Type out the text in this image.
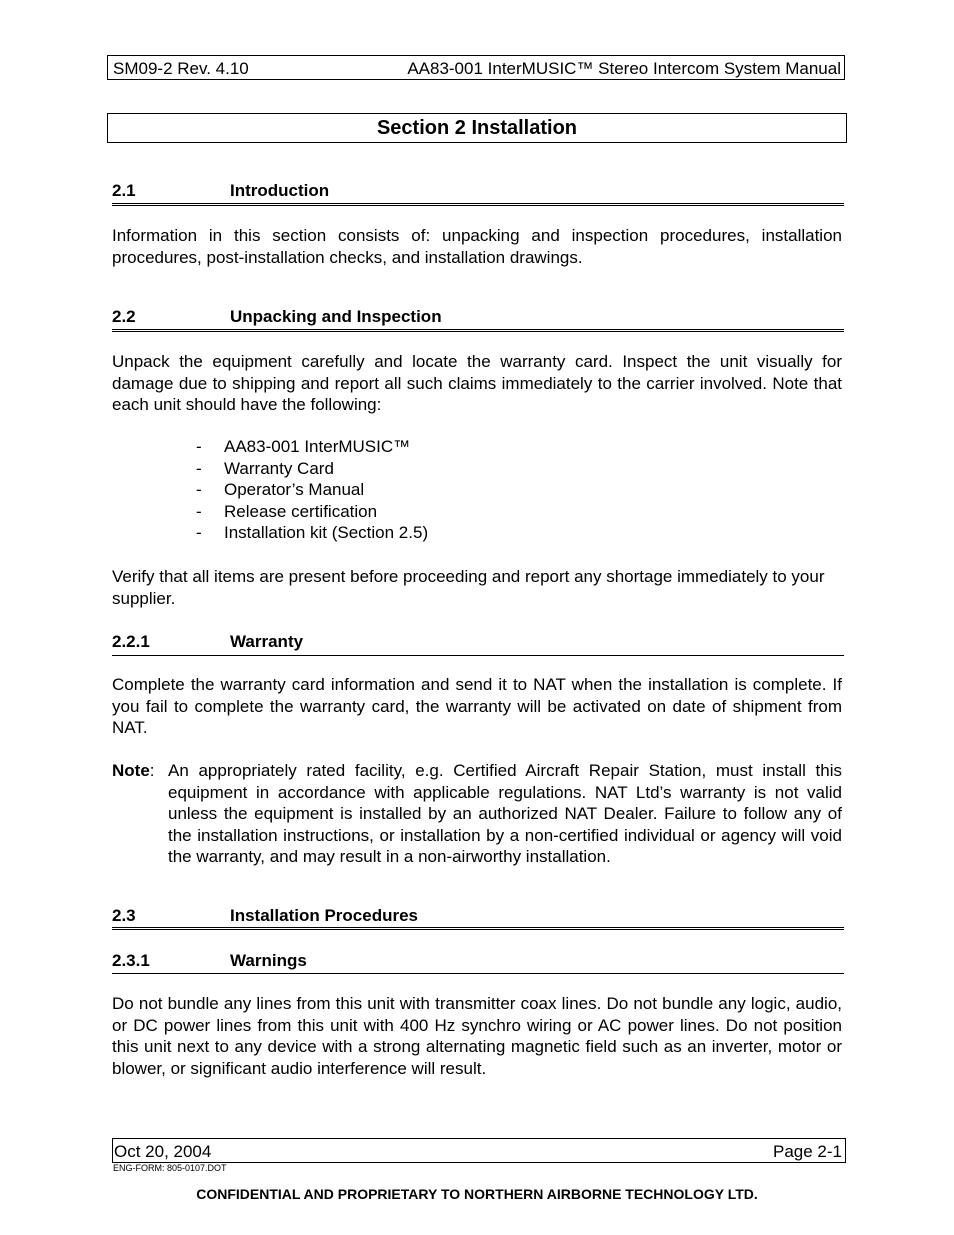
SM09-2 Rev. 4.10	AA83-001 InterMUSIC™ Stereo Intercom System Manual
Section 2 Installation
2.1	Introduction

Information in this section consists of: unpacking and inspection procedures, installation procedures, post-installation checks, and installation drawings.

2.2	Unpacking and Inspection

Unpack the equipment carefully and locate the warranty card. Inspect the unit visually for damage due to shipping and report all such claims immediately to the carrier involved. Note that each unit should have the following:

- AA83-001 InterMUSIC™
- Warranty Card
- Operator’s Manual
- Release certification
- Installation kit (Section 2.5)

Verify that all items are present before proceeding and report any shortage immediately to your supplier.

2.2.1	Warranty

Complete the warranty card information and send it to NAT when the installation is complete. If you fail to complete the warranty card, the warranty will be activated on date of shipment from NAT.

Note: An appropriately rated facility, e.g. Certified Aircraft Repair Station, must install this equipment in accordance with applicable regulations. NAT Ltd’s warranty is not valid unless the equipment is installed by an authorized NAT Dealer. Failure to follow any of the installation instructions, or installation by a non-certified individual or agency will void the warranty, and may result in a non-airworthy installation.

2.3	Installation Procedures
2.3.1	Warnings

Do not bundle any lines from this unit with transmitter coax lines. Do not bundle any logic, audio, or DC power lines from this unit with 400 Hz synchro wiring or AC power lines. Do not position this unit next to any device with a strong alternating magnetic field such as an inverter, motor or blower, or significant audio interference will result.

Oct 20, 2004	Page 2-1
ENG-FORM: 805-0107.DOT
CONFIDENTIAL AND PROPRIETARY TO NORTHERN AIRBORNE TECHNOLOGY LTD.
